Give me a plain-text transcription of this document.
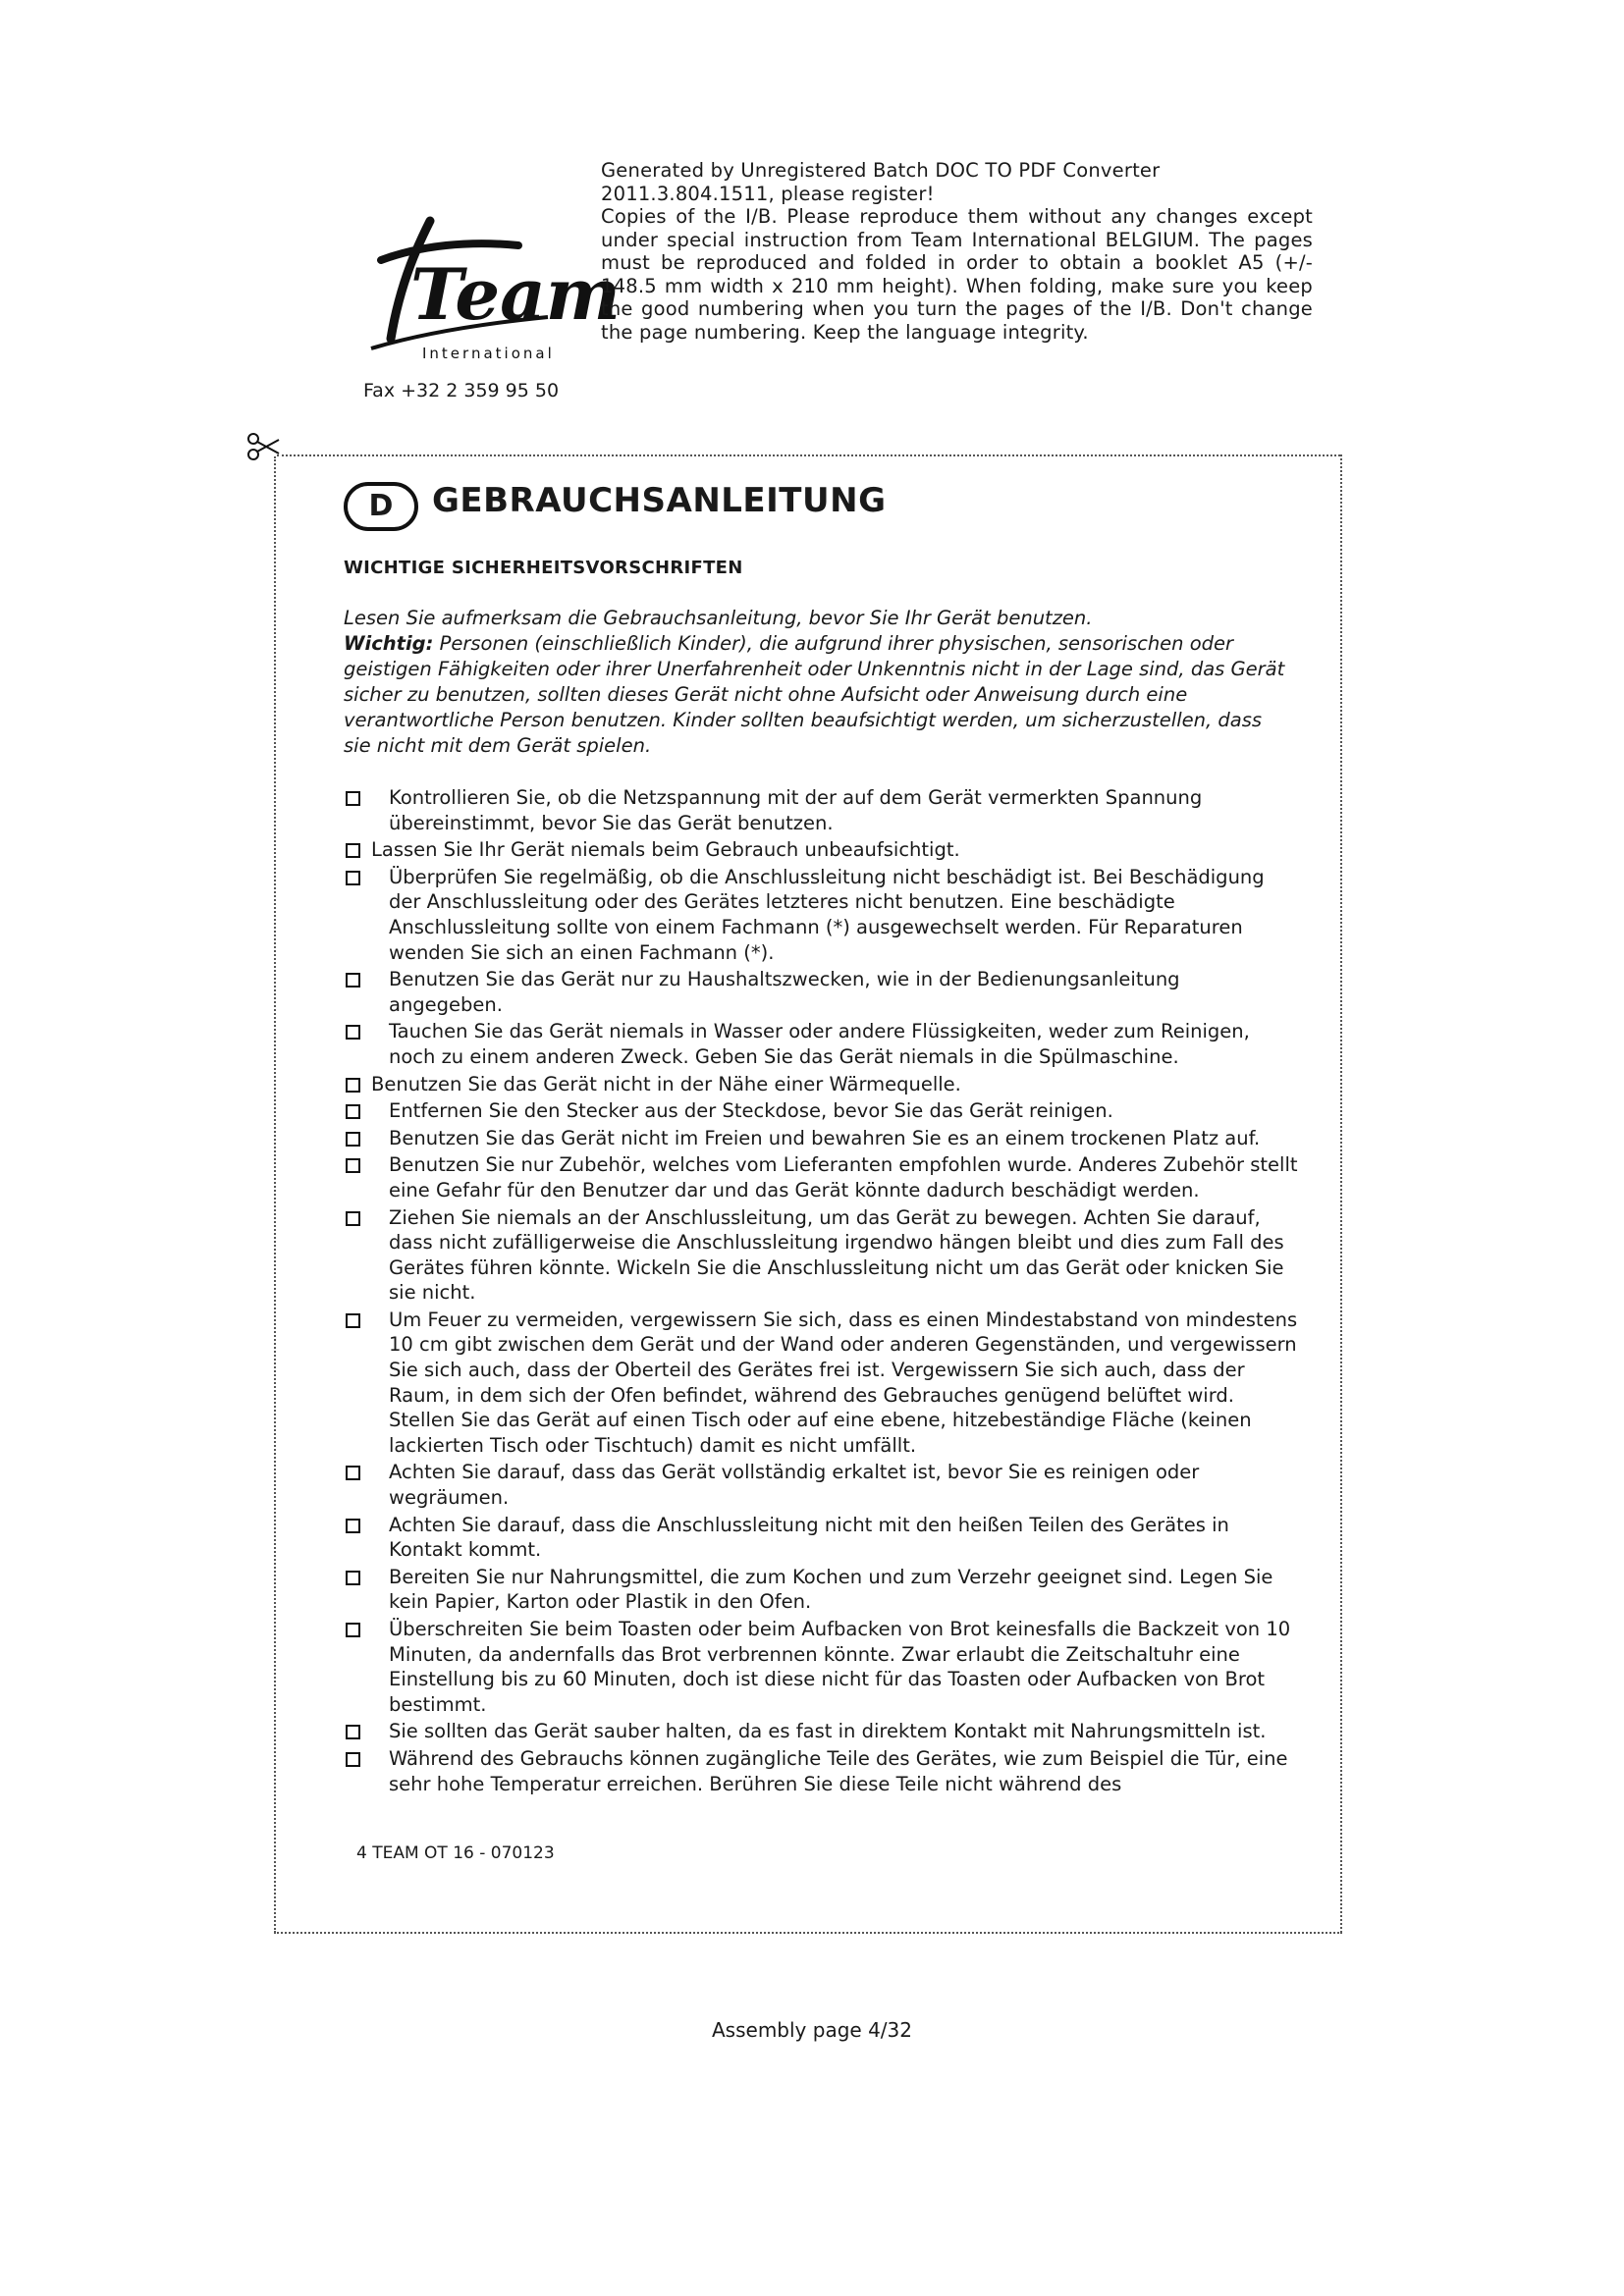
Team
International
Fax +32 2 359 95 50

Generated by Unregistered Batch DOC TO PDF Converter

2011.3.804.1511, please register!

Copies of the I/B. Please reproduce them without any changes except under special instruction from Team International BELGIUM. The pages must be reproduced and folded in order to obtain a booklet A5 (+/- 148.5 mm width x 210 mm height). When folding, make sure you keep the good numbering when you turn the pages of the I/B. Don't change the page numbering. Keep the language integrity.

D	GEBRAUCHSANLEITUNG
WICHTIGE SICHERHEITSVORSCHRIFTEN

Lesen Sie aufmerksam die Gebrauchsanleitung, bevor Sie Ihr Gerät benutzen.

Wichtig: Personen (einschließlich Kinder), die aufgrund ihrer physischen, sensorischen oder geistigen Fähigkeiten oder ihrer Unerfahrenheit oder Unkenntnis nicht in der Lage sind, das Gerät sicher zu benutzen, sollten dieses Gerät nicht ohne Aufsicht oder Anweisung durch eine verantwortliche Person benutzen. Kinder sollten beaufsichtigt werden, um sicherzustellen, dass sie nicht mit dem Gerät spielen.

Kontrollieren Sie, ob die Netzspannung mit der auf dem Gerät vermerkten Spannung übereinstimmt, bevor Sie das Gerät benutzen.
Lassen Sie Ihr Gerät niemals beim Gebrauch unbeaufsichtigt.
Überprüfen Sie regelmäßig, ob die Anschlussleitung nicht beschädigt ist. Bei Beschädigung der Anschlussleitung oder des Gerätes letzteres nicht benutzen. Eine beschädigte Anschlussleitung sollte von einem Fachmann (*) ausgewechselt werden. Für Reparaturen wenden Sie sich an einen Fachmann (*).
Benutzen Sie das Gerät nur zu Haushaltszwecken, wie in der Bedienungsanleitung angegeben.
Tauchen Sie das Gerät niemals in Wasser oder andere Flüssigkeiten, weder zum Reinigen, noch zu einem anderen Zweck. Geben Sie das Gerät niemals in die Spülmaschine.
Benutzen Sie das Gerät nicht in der Nähe einer Wärmequelle.
Entfernen Sie den Stecker aus der Steckdose, bevor Sie das Gerät reinigen.
Benutzen Sie das Gerät nicht im Freien und bewahren Sie es an einem trockenen Platz auf.
Benutzen Sie nur Zubehör, welches vom Lieferanten empfohlen wurde. Anderes Zubehör stellt eine Gefahr für den Benutzer dar und das Gerät könnte dadurch beschädigt werden.
Ziehen Sie niemals an der Anschlussleitung, um das Gerät zu bewegen. Achten Sie darauf, dass nicht zufälligerweise die Anschlussleitung irgendwo hängen bleibt und dies zum Fall des Gerätes führen könnte. Wickeln Sie die Anschlussleitung nicht um das Gerät oder knicken Sie sie nicht.
Um Feuer zu vermeiden, vergewissern Sie sich, dass es einen Mindestabstand von mindestens 10 cm gibt zwischen dem Gerät und der Wand oder anderen Gegenständen, und vergewissern Sie sich auch, dass der Oberteil des Gerätes frei ist. Vergewissern Sie sich auch, dass der Raum, in dem sich der Ofen befindet, während des Gebrauches genügend belüftet wird. Stellen Sie das Gerät auf einen Tisch oder auf eine ebene, hitzebeständige Fläche (keinen lackierten Tisch oder Tischtuch) damit es nicht umfällt.
Achten Sie darauf, dass das Gerät vollständig erkaltet ist, bevor Sie es reinigen oder wegräumen.
Achten Sie darauf, dass die Anschlussleitung nicht mit den heißen Teilen des Gerätes in Kontakt kommt.
Bereiten Sie nur Nahrungsmittel, die zum Kochen und zum Verzehr geeignet sind. Legen Sie kein Papier, Karton oder Plastik in den Ofen.
Überschreiten Sie beim Toasten oder beim Aufbacken von Brot keinesfalls die Backzeit von 10 Minuten, da andernfalls das Brot verbrennen könnte. Zwar erlaubt die Zeitschaltuhr eine Einstellung bis zu 60 Minuten, doch ist diese nicht für das Toasten oder Aufbacken von Brot bestimmt.
Sie sollten das Gerät sauber halten, da es fast in direktem Kontakt mit Nahrungsmitteln ist.
Während des Gebrauchs können zugängliche Teile des Gerätes, wie zum Beispiel die Tür, eine sehr hohe Temperatur erreichen. Berühren Sie diese Teile nicht während des
4 TEAM OT 16 - 070123
Assembly page 4/32
